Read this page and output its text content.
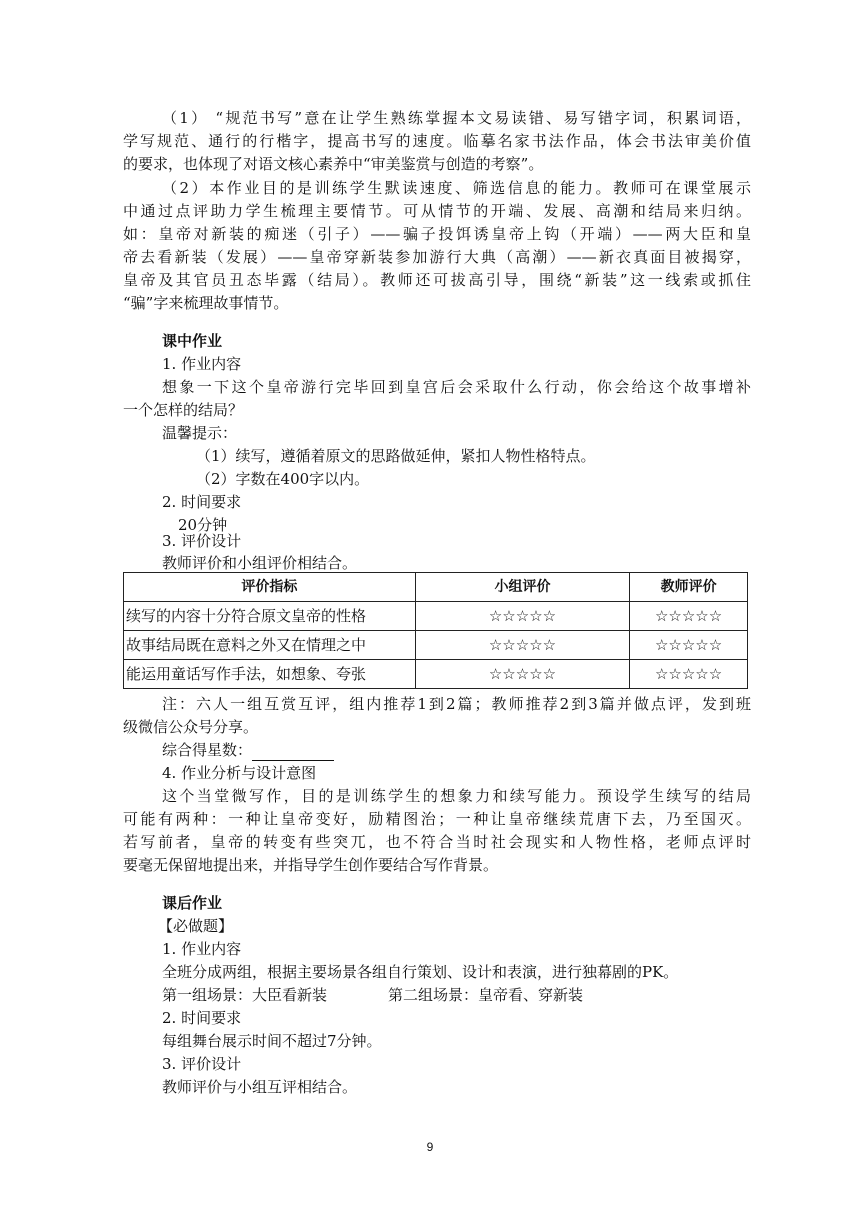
（1） “规范书写”意在让学生熟练掌握本文易读错、易写错字词，积累词语，
学写规范、通行的行楷字，提高书写的速度。临摹名家书法作品，体会书法审美价值
的要求，也体现了对语文核心素养中“审美鉴赏与创造的考察”。
（2）本作业目的是训练学生默读速度、筛选信息的能力。教师可在课堂展示
中通过点评助力学生梳理主要情节。可从情节的开端、发展、高潮和结局来归纳。
如：皇帝对新装的痴迷（引子）——骗子投饵诱皇帝上钩（开端）——两大臣和皇
帝去看新装（发展）——皇帝穿新装参加游行大典（高潮）——新衣真面目被揭穿，
皇帝及其官员丑态毕露（结局）。教师还可拔高引导，围绕“新装”这一线索或抓住
“骗”字来梳理故事情节。
课中作业
1. 作业内容
想象一下这个皇帝游行完毕回到皇宫后会采取什么行动，你会给这个故事增补
一个怎样的结局？
温馨提示：
（1）续写，遵循着原文的思路做延伸，紧扣人物性格特点。
（2）字数在400字以内。
2. 时间要求
20分钟
3. 评价设计
教师评价和小组评价相结合。
评价指标	小组评价	教师评价
续写的内容十分符合原文皇帝的性格	☆☆☆☆☆	☆☆☆☆☆
故事结局既在意料之外又在情理之中	☆☆☆☆☆	☆☆☆☆☆
能运用童话写作手法，如想象、夸张	☆☆☆☆☆	☆☆☆☆☆
注：六人一组互赏互评，组内推荐1到2篇；教师推荐2到3篇并做点评，发到班
级微信公众号分享。
综合得星数：
4. 作业分析与设计意图
这个当堂微写作，目的是训练学生的想象力和续写能力。预设学生续写的结局
可能有两种：一种让皇帝变好，励精图治；一种让皇帝继续荒唐下去，乃至国灭。
若写前者，皇帝的转变有些突兀，也不符合当时社会现实和人物性格，老师点评时
要毫无保留地提出来，并指导学生创作要结合写作背景。
课后作业
【必做题】
1. 作业内容
全班分成两组，根据主要场景各组自行策划、设计和表演，进行独幕剧的PK。
第一组场景：大臣看新装	第二组场景：皇帝看、穿新装
2. 时间要求
每组舞台展示时间不超过7分钟。
3. 评价设计
教师评价与小组互评相结合。
9
